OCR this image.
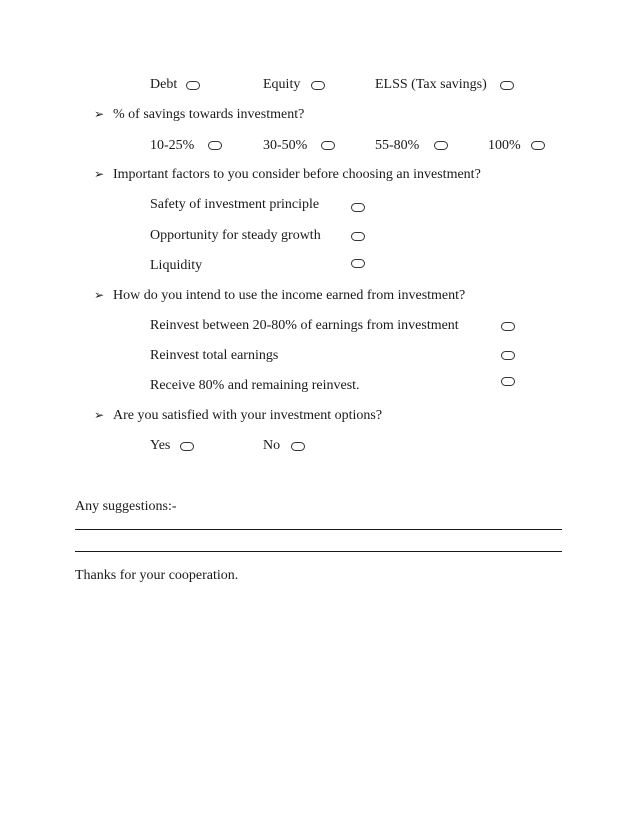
Debt	Equity	ELSS (Tax savings)
➢ % of savings towards investment?
10-25%	30-50%	55-80%	100%
➢ Important factors to you consider before choosing an investment?
Safety of investment principle
Opportunity for steady growth
Liquidity
➢ How do you intend to use the income earned from investment?
Reinvest between 20-80% of earnings from investment
Reinvest total earnings
Receive 80% and remaining reinvest.
➢ Are you satisfied with your investment options?
Yes	No
Any suggestions:-
Thanks for your cooperation.
